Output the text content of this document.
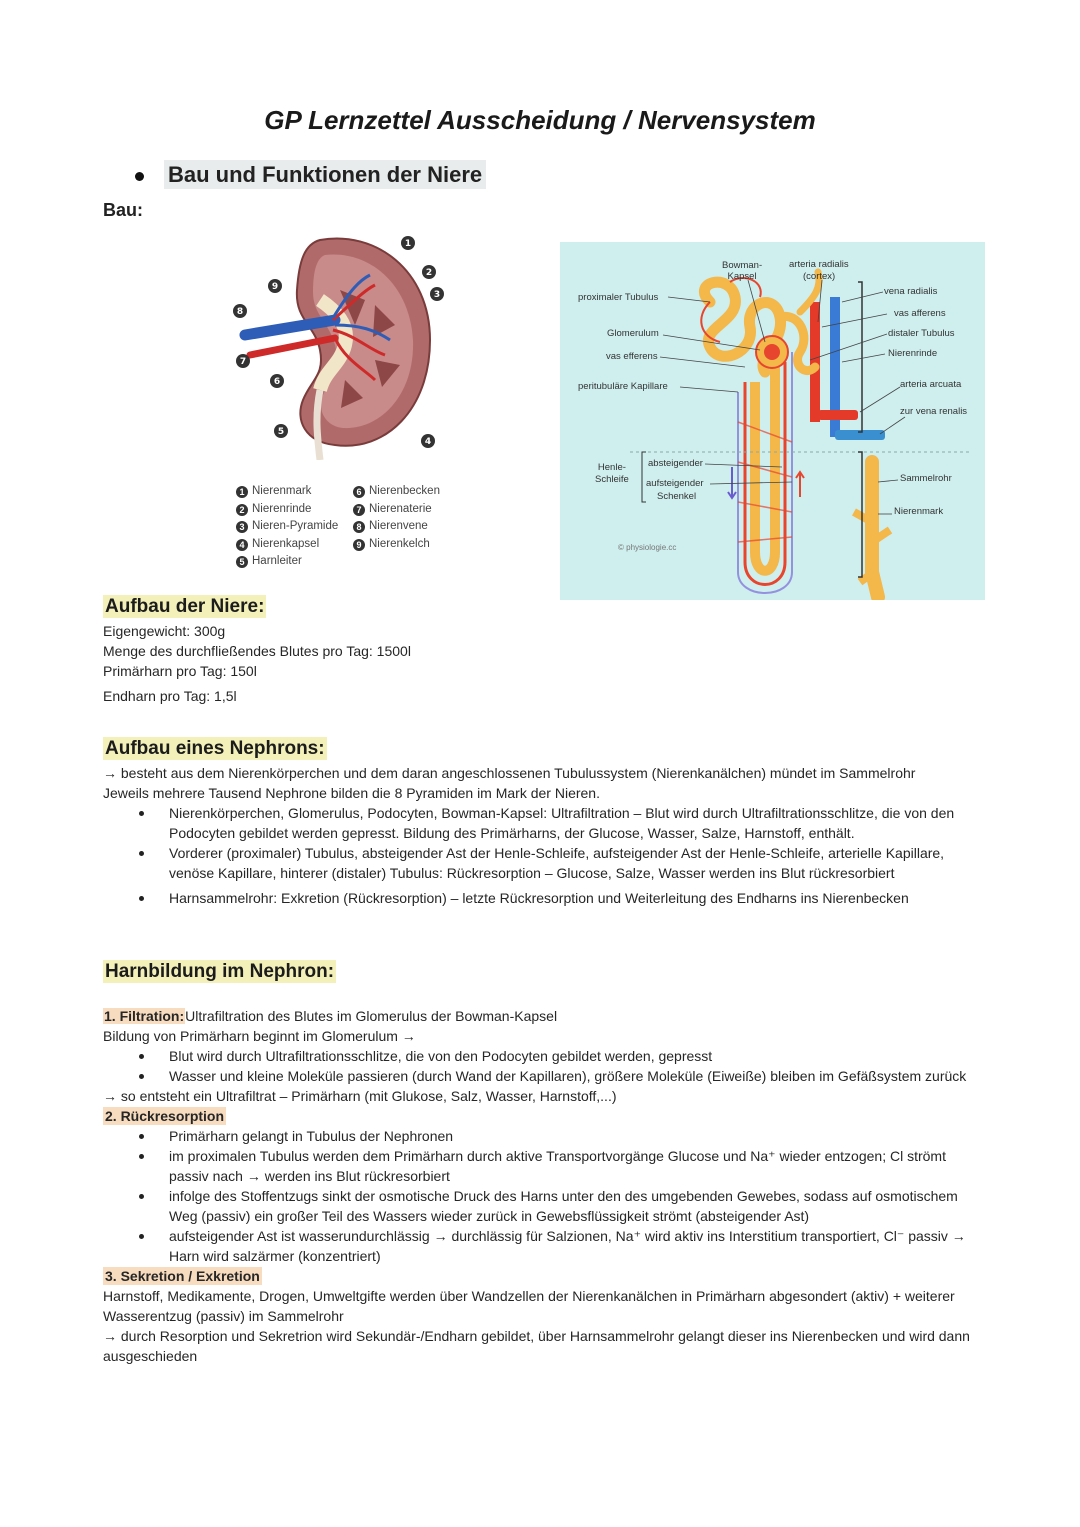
GP Lernzettel Ausscheidung / Nervensystem
Bau und Funktionen der Niere
Bau:
1
2
3
4
5
6
7
8
9
1 Nierenmark
2 Nierenrinde
3 Nieren-Pyramide
4 Nierenkapsel
5 Harnleiter
6 Nierenbecken
7 Nierenaterie
8 Nierenvene
9 Nierenkelch
Bowman-
Kapsel
arteria radialis
(cortex)
proximaler Tubulus
vena radialis
vas afferens
Glomerulum	distaler Tubulus
Nierenrinde
vas efferens
peritubuläre Kapillare	arteria arcuata
zur vena renalis
Henle-
Schleife
absteigender
aufsteigender
Schenkel
Sammelrohr
Nierenmark
© physiologie.cc
Aufbau der Niere:
Eigengewicht: 300g
Menge des durchfließendes Blutes pro Tag: 1500l
Primärharn pro Tag: 150l
Endharn pro Tag: 1,5l
Aufbau eines Nephrons:
→ besteht aus dem Nierenkörperchen und dem daran angeschlossenen Tubulussystem (Nierenkanälchen) mündet im Sammelrohr
Jeweils mehrere Tausend Nephrone bilden die 8 Pyramiden im Mark der Nieren.
Nierenkörperchen, Glomerulus, Podocyten, Bowman-Kapsel: Ultrafiltration – Blut wird durch Ultrafiltrationsschlitze, die von den Podocyten gebildet werden gepresst. Bildung des Primärharns, der Glucose, Wasser, Salze, Harnstoff, enthält.
Vorderer (proximaler) Tubulus, absteigender Ast der Henle-Schleife, aufsteigender Ast der Henle-Schleife, arterielle Kapillare, venöse Kapillare, hinterer (distaler) Tubulus: Rückresorption – Glucose, Salze, Wasser werden ins Blut rückresorbiert
Harnsammelrohr: Exkretion (Rückresorption) – letzte Rückresorption und Weiterleitung des Endharns ins Nierenbecken
Harnbildung im Nephron:
1. Filtration:Ultrafiltration des Blutes im Glomerulus der Bowman-Kapsel
Bildung von Primärharn beginnt im Glomerulum →
Blut wird durch Ultrafiltrationsschlitze, die von den Podocyten gebildet werden, gepresst
Wasser und kleine Moleküle passieren (durch Wand der Kapillaren), größere Moleküle (Eiweiße) bleiben im Gefäßsystem zurück
→ so entsteht ein Ultrafiltrat – Primärharn (mit Glukose, Salz, Wasser, Harnstoff,...)
2. Rückresorption
Primärharn gelangt in Tubulus der Nephronen
im proximalen Tubulus werden dem Primärharn durch aktive Transportvorgänge Glucose und Na⁺ wieder entzogen; Cl strömt passiv nach → werden ins Blut rückresorbiert
infolge des Stoffentzugs sinkt der osmotische Druck des Harns unter den des umgebenden Gewebes, sodass auf osmotischem Weg (passiv) ein großer Teil des Wassers wieder zurück in Gewebsflüssigkeit strömt (absteigender Ast)
aufsteigender Ast ist wasserundurchlässig → durchlässig für Salzionen, Na⁺ wird aktiv ins Interstitium transportiert, Cl⁻ passiv → Harn wird salzärmer (konzentriert)
3. Sekretion / Exkretion
Harnstoff, Medikamente, Drogen, Umweltgifte werden über Wandzellen der Nierenkanälchen in Primärharn abgesondert (aktiv) + weiterer Wasserentzug (passiv) im Sammelrohr
→ durch Resorption und Sekretrion wird Sekundär-/Endharn gebildet, über Harnsammelrohr gelangt dieser ins Nierenbecken und wird dann ausgeschieden
